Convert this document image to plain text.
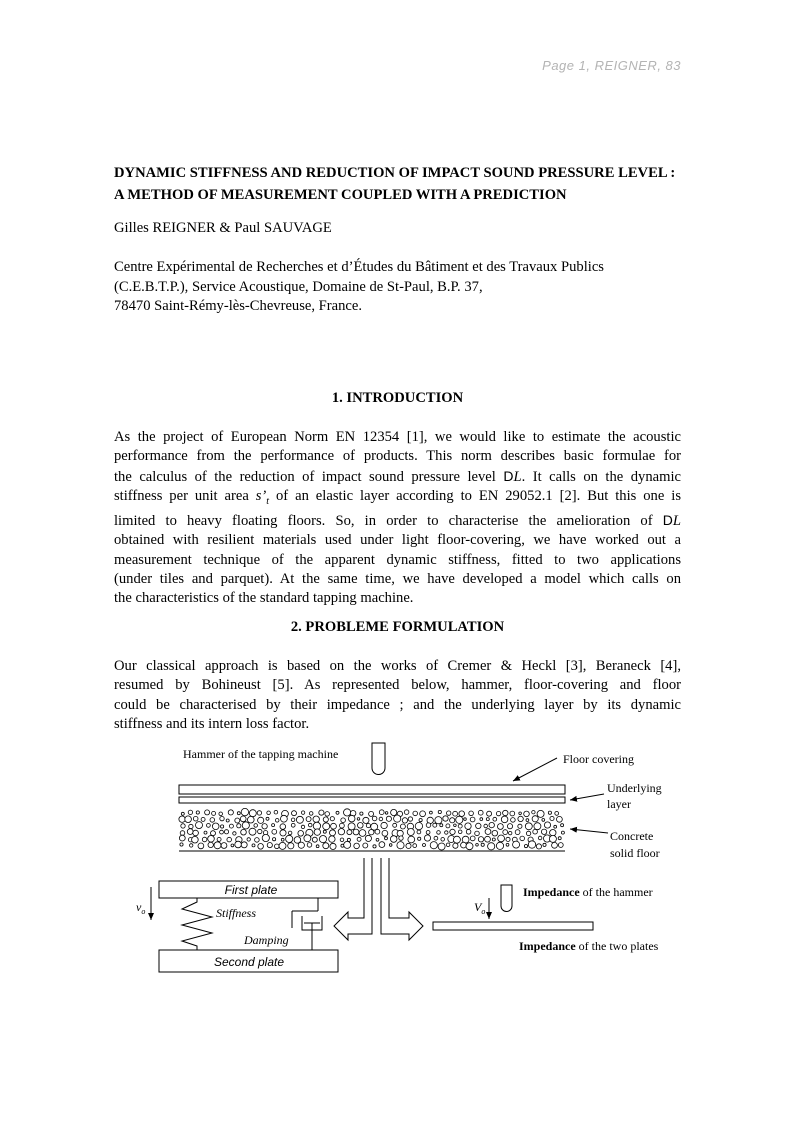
Page 1, REIGNER, 83
DYNAMIC STIFFNESS AND REDUCTION OF IMPACT SOUND PRESSURE LEVEL : A METHOD OF MEASUREMENT COUPLED WITH A PREDICTION
Gilles REIGNER & Paul SAUVAGE
Centre Expérimental de Recherches et d’Études du Bâtiment et des Travaux Publics
(C.E.B.T.P.), Service Acoustique, Domaine de St-Paul, B.P. 37,
78470 Saint-Rémy-lès-Chevreuse, France.
1. INTRODUCTION
As the project of European Norm EN 12354 [1], we would like to estimate the acoustic
performance from the performance of products. This norm describes basic formulae for
the calculus of the reduction of impact sound pressure level DL. It calls on the dynamic
stiffness per unit area $s’_t$ of an elastic layer according to EN 29052.1 [2]. But this one is
limited to heavy floating floors. So, in order to characterise the amelioration of DL
obtained with resilient materials used under light floor-covering, we have worked out a
measurement technique of the apparent dynamic stiffness, fitted to two applications
(under tiles and parquet). At the same time, we have developed a model which calls on
the characteristics of the standard tapping machine.
2. PROBLEME FORMULATION
Our classical approach is based on the works of Cremer & Heckl [3], Beraneck [4],
resumed by Bohineust [5]. As represented below, hammer, floor-covering and floor
could be characterised by their impedance ; and the underlying layer by its dynamic
stiffness and its intern loss factor.
Hammer of the tapping machine	Floor covering
Underlying
layer
Concrete
solid floor
First plate
Second plate
Stiffness
Damping
$v_o$	$V_o$
Impedance of the hammer
Impedance of the two plates
